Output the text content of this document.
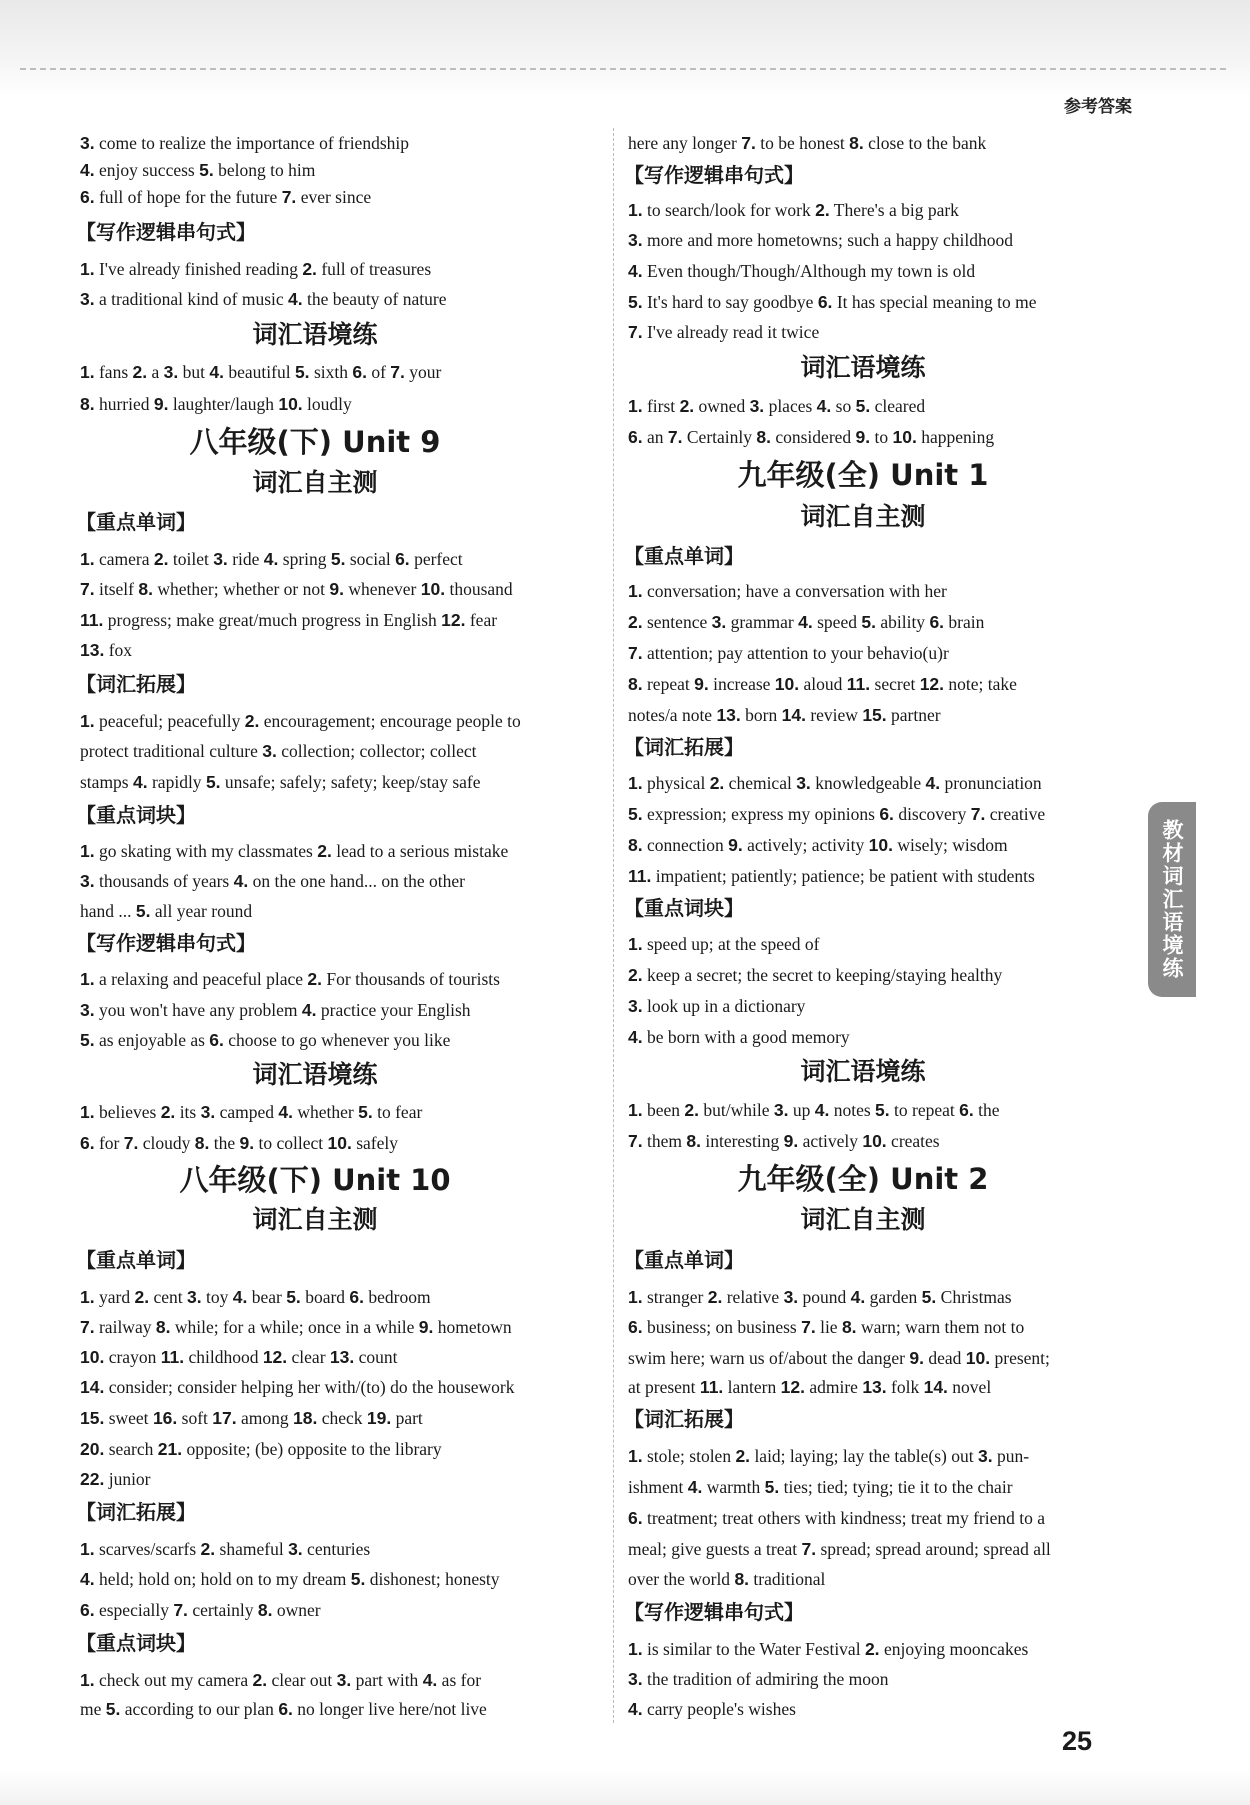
参考答案
3. come to realize the importance of friendship
4. enjoy success 5. belong to him
6. full of hope for the future 7. ever since
【写作逻辑串句式】
1. I've already finished reading 2. full of treasures
3. a traditional kind of music 4. the beauty of nature
词汇语境练
1. fans 2. a 3. but 4. beautiful 5. sixth 6. of 7. your
8. hurried 9. laughter/laugh 10. loudly
八年级(下) Unit 9
词汇自主测
【重点单词】
1. camera 2. toilet 3. ride 4. spring 5. social 6. perfect
7. itself 8. whether; whether or not 9. whenever 10. thousand
11. progress; make great/much progress in English 12. fear
13. fox
【词汇拓展】
1. peaceful; peacefully 2. encouragement; encourage people to
protect traditional culture 3. collection; collector; collect
stamps 4. rapidly 5. unsafe; safely; safety; keep/stay safe
【重点词块】
1. go skating with my classmates 2. lead to a serious mistake
3. thousands of years 4. on the one hand... on the other
hand ... 5. all year round
【写作逻辑串句式】
1. a relaxing and peaceful place 2. For thousands of tourists
3. you won't have any problem 4. practice your English
5. as enjoyable as 6. choose to go whenever you like
词汇语境练
1. believes 2. its 3. camped 4. whether 5. to fear
6. for 7. cloudy 8. the 9. to collect 10. safely
八年级(下) Unit 10
词汇自主测
【重点单词】
1. yard 2. cent 3. toy 4. bear 5. board 6. bedroom
7. railway 8. while; for a while; once in a while 9. hometown
10. crayon 11. childhood 12. clear 13. count
14. consider; consider helping her with/(to) do the housework
15. sweet 16. soft 17. among 18. check 19. part
20. search 21. opposite; (be) opposite to the library
22. junior
【词汇拓展】
1. scarves/scarfs 2. shameful 3. centuries
4. held; hold on; hold on to my dream 5. dishonest; honesty
6. especially 7. certainly 8. owner
【重点词块】
1. check out my camera 2. clear out 3. part with 4. as for
me 5. according to our plan 6. no longer live here/not live
here any longer 7. to be honest 8. close to the bank
【写作逻辑串句式】
1. to search/look for work 2. There's a big park
3. more and more hometowns; such a happy childhood
4. Even though/Though/Although my town is old
5. It's hard to say goodbye 6. It has special meaning to me
7. I've already read it twice
词汇语境练
1. first 2. owned 3. places 4. so 5. cleared
6. an 7. Certainly 8. considered 9. to 10. happening
九年级(全) Unit 1
词汇自主测
【重点单词】
1. conversation; have a conversation with her
2. sentence 3. grammar 4. speed 5. ability 6. brain
7. attention; pay attention to your behavio(u)r
8. repeat 9. increase 10. aloud 11. secret 12. note; take
notes/a note 13. born 14. review 15. partner
【词汇拓展】
1. physical 2. chemical 3. knowledgeable 4. pronunciation
5. expression; express my opinions 6. discovery 7. creative
8. connection 9. actively; activity 10. wisely; wisdom
11. impatient; patiently; patience; be patient with students
【重点词块】
1. speed up; at the speed of
2. keep a secret; the secret to keeping/staying healthy
3. look up in a dictionary
4. be born with a good memory
词汇语境练
1. been 2. but/while 3. up 4. notes 5. to repeat 6. the
7. them 8. interesting 9. actively 10. creates
九年级(全) Unit 2
词汇自主测
【重点单词】
1. stranger 2. relative 3. pound 4. garden 5. Christmas
6. business; on business 7. lie 8. warn; warn them not to
swim here; warn us of/about the danger 9. dead 10. present;
at present 11. lantern 12. admire 13. folk 14. novel
【词汇拓展】
1. stole; stolen 2. laid; laying; lay the table(s) out 3. pun-
ishment 4. warmth 5. ties; tied; tying; tie it to the chair
6. treatment; treat others with kindness; treat my friend to a
meal; give guests a treat 7. spread; spread around; spread all
over the world 8. traditional
【写作逻辑串句式】
1. is similar to the Water Festival 2. enjoying mooncakes
3. the tradition of admiring the moon
4. carry people's wishes
教材词汇语境练
25
